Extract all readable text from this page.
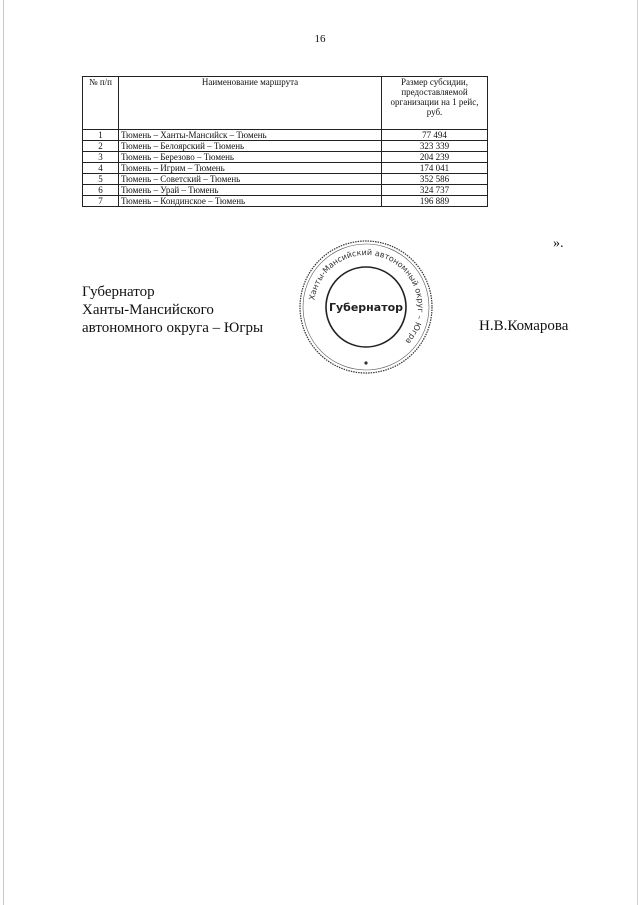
16
№ п/п	Наименование маршрута	Размер субсидии,
предоставляемой
организации на 1 рейс,
руб.

1	Тюмень – Ханты-Мансийск – Тюмень	77 494
2	Тюмень – Белоярский – Тюмень	323 339
3	Тюмень – Березово – Тюмень	204 239
4	Тюмень – Игрим – Тюмень	174 041
5	Тюмень – Советский – Тюмень	352 586
6	Тюмень – Урай – Тюмень	324 737
7	Тюмень – Кондинское – Тюмень	196 889
».
Губернатор
Ханты-Мансийского
автономного округа – Югры
Ханты-Мансийский автономный округ – Югра
Губернатор
Н.В.Комарова
